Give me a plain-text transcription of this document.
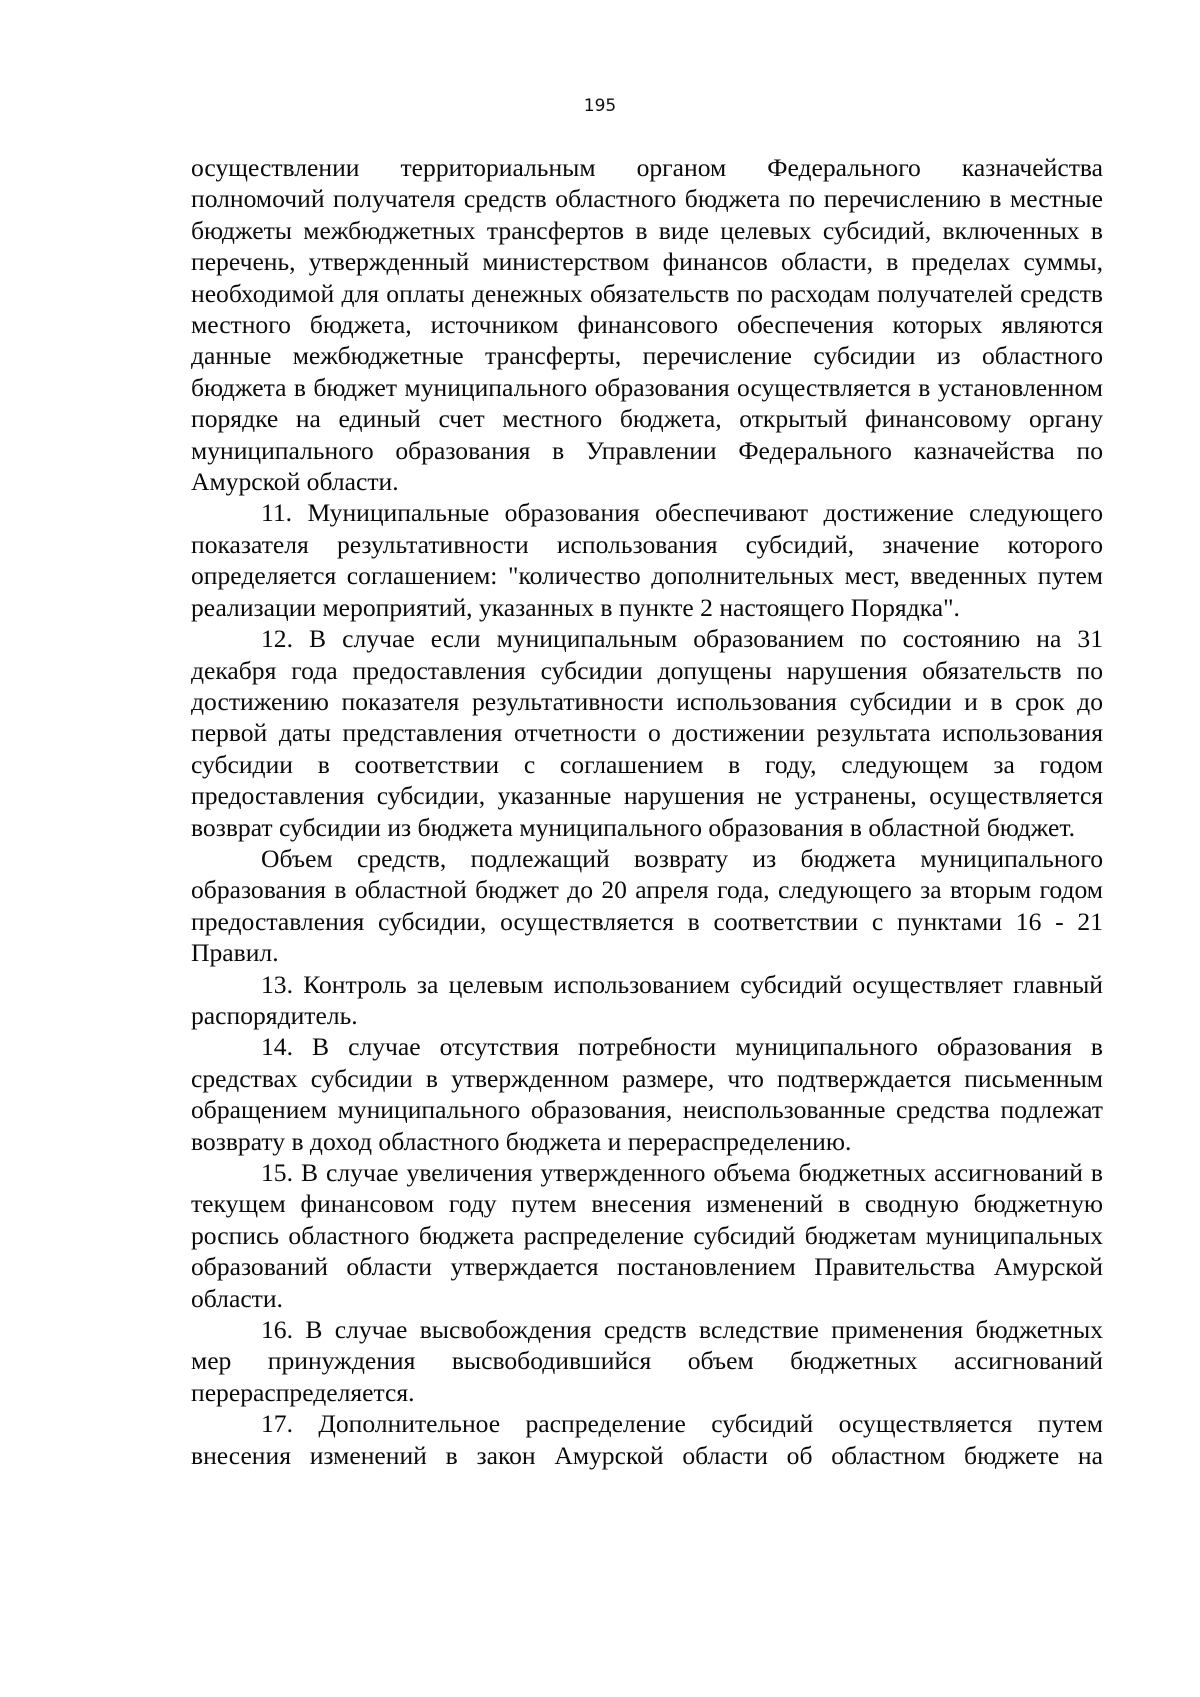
195

осуществлении территориальным органом Федерального казначейства полномочий получателя средств областного бюджета по перечислению в местные бюджеты межбюджетных трансфертов в виде целевых субсидий, включенных в перечень, утвержденный министерством финансов области, в пределах суммы, необходимой для оплаты денежных обязательств по расходам получателей средств местного бюджета, источником финансового обеспечения которых являются данные межбюджетные трансферты, перечисление субсидии из областного бюджета в бюджет муниципального образования осуществляется в установленном порядке на единый счет местного бюджета, открытый финансовому органу муниципального образования в Управлении Федерального казначейства по Амурской области.

11. Муниципальные образования обеспечивают достижение следующего показателя результативности использования субсидий, значение которого определяется соглашением: "количество дополнительных мест, введенных путем реализации мероприятий, указанных в пункте 2 настоящего Порядка".

12. В случае если муниципальным образованием по состоянию на 31 декабря года предоставления субсидии допущены нарушения обязательств по достижению показателя результативности использования субсидии и в срок до первой даты представления отчетности о достижении результата использования субсидии в соответствии с соглашением в году, следующем за годом предоставления субсидии, указанные нарушения не устранены, осуществляется возврат субсидии из бюджета муниципального образования в областной бюджет.

Объем средств, подлежащий возврату из бюджета муниципального образования в областной бюджет до 20 апреля года, следующего за вторым годом предоставления субсидии, осуществляется в соответствии с пунктами 16 - 21 Правил.

13. Контроль за целевым использованием субсидий осуществляет главный распорядитель.

14. В случае отсутствия потребности муниципального образования в средствах субсидии в утвержденном размере, что подтверждается письменным обращением муниципального образования, неиспользованные средства подлежат возврату в доход областного бюджета и перераспределению.

15. В случае увеличения утвержденного объема бюджетных ассигнований в текущем финансовом году путем внесения изменений в сводную бюджетную роспись областного бюджета распределение субсидий бюджетам муниципальных образований области утверждается постановлением Правительства Амурской области.

16. В случае высвобождения средств вследствие применения бюджетных мер принуждения высвободившийся объем бюджетных ассигнований перераспределяется.

17. Дополнительное распределение субсидий осуществляется путем внесения изменений в закон Амурской области об областном бюджете на
